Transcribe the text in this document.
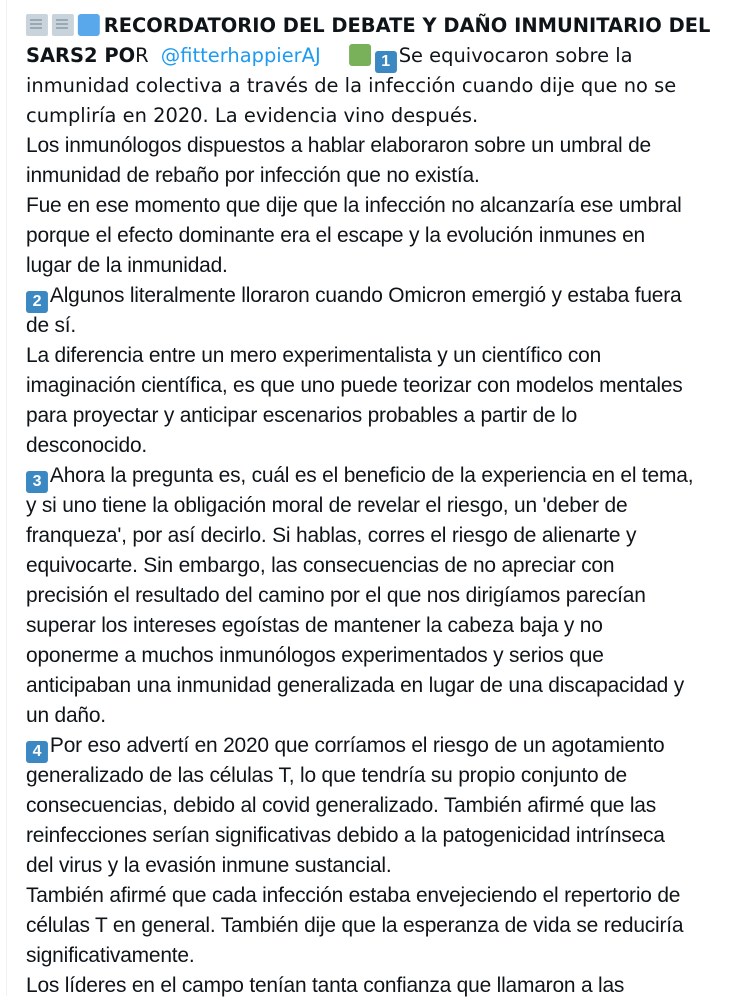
RECORDATORIO DEL DEBATE Y DAÑO INMUNITARIO DEL
SARS2 POR @fitterhappierAJ	1 Se equivocaron sobre la
inmunidad colectiva a través de la infección cuando dije que no se
cumpliría en 2020. La evidencia vino después.
Los inmunólogos dispuestos a hablar elaboraron sobre un umbral de
inmunidad de rebaño por infección que no existía.
Fue en ese momento que dije que la infección no alcanzaría ese umbral
porque el efecto dominante era el escape y la evolución inmunes en
lugar de la inmunidad.
2 Algunos literalmente lloraron cuando Omicron emergió y estaba fuera
de sí.
La diferencia entre un mero experimentalista y un científico con
imaginación científica, es que uno puede teorizar con modelos mentales
para proyectar y anticipar escenarios probables a partir de lo
desconocido.
3 Ahora la pregunta es, cuál es el beneficio de la experiencia en el tema,
y si uno tiene la obligación moral de revelar el riesgo, un 'deber de
franqueza', por así decirlo. Si hablas, corres el riesgo de alienarte y
equivocarte. Sin embargo, las consecuencias de no apreciar con
precisión el resultado del camino por el que nos dirigíamos parecían
superar los intereses egoístas de mantener la cabeza baja y no
oponerme a muchos inmunólogos experimentados y serios que
anticipaban una inmunidad generalizada en lugar de una discapacidad y
un daño.
4 Por eso advertí en 2020 que corríamos el riesgo de un agotamiento
generalizado de las células T, lo que tendría su propio conjunto de
consecuencias, debido al covid generalizado. También afirmé que las
reinfecciones serían significativas debido a la patogenicidad intrínseca
del virus y la evasión inmune sustancial.
También afirmé que cada infección estaba envejeciendo el repertorio de
células T en general. También dije que la esperanza de vida se reduciría
significativamente.
Los líderes en el campo tenían tanta confianza que llamaron a las
